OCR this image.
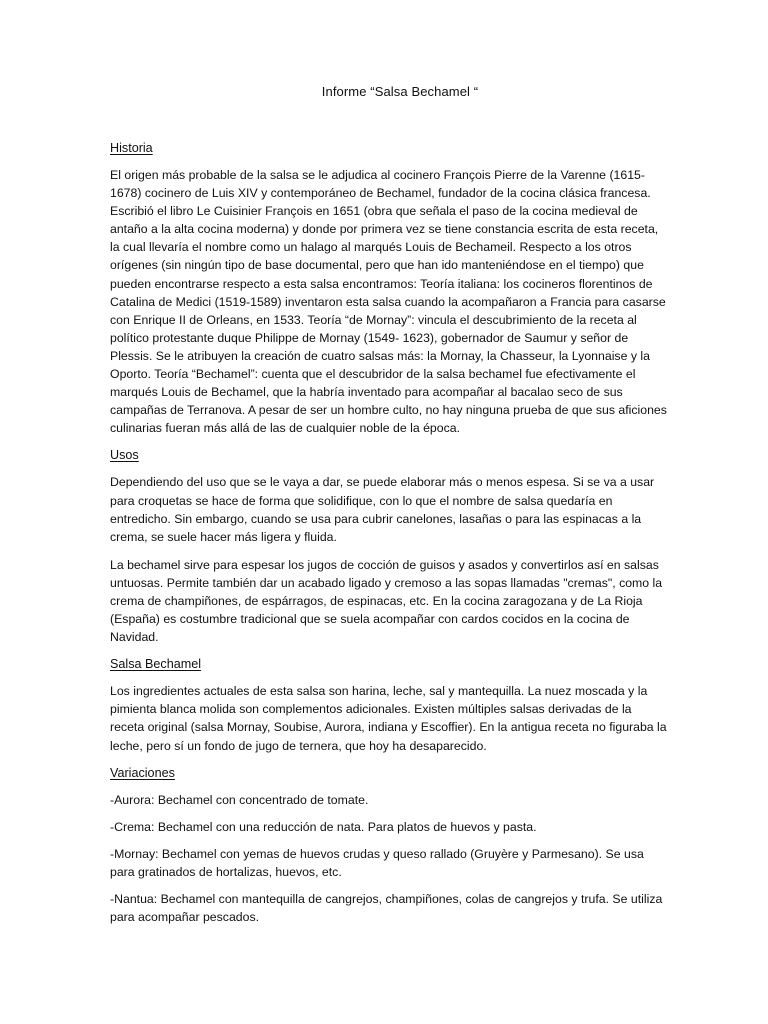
Informe “Salsa Bechamel “
Historia

El origen más probable de la salsa se le adjudica al cocinero François Pierre de la Varenne (1615-1678) cocinero de Luis XIV y contemporáneo de Bechamel, fundador de la cocina clásica francesa. Escribió el libro Le Cuisinier François en 1651 (obra que señala el paso de la cocina medieval de antaño a la alta cocina moderna) y donde por primera vez se tiene constancia escrita de esta receta, la cual llevaría el nombre como un halago al marqués Louis de Bechameil. Respecto a los otros orígenes (sin ningún tipo de base documental, pero que han ido manteniéndose en el tiempo) que pueden encontrarse respecto a esta salsa encontramos: Teoría italiana: los cocineros florentinos de Catalina de Medici (1519-1589) inventaron esta salsa cuando la acompañaron a Francia para casarse con Enrique II de Orleans, en 1533. Teoría “de Mornay”: vincula el descubrimiento de la receta al político protestante duque Philippe de Mornay (1549- 1623), gobernador de Saumur y señor de Plessis. Se le atribuyen la creación de cuatro salsas más: la Mornay, la Chasseur, la Lyonnaise y la Oporto. Teoría “Bechamel”: cuenta que el descubridor de la salsa bechamel fue efectivamente el marqués Louis de Bechamel, que la habría inventado para acompañar al bacalao seco de sus campañas de Terranova. A pesar de ser un hombre culto, no hay ninguna prueba de que sus aficiones culinarias fueran más allá de las de cualquier noble de la época.

Usos

Dependiendo del uso que se le vaya a dar, se puede elaborar más o menos espesa. Si se va a usar para croquetas se hace de forma que solidifique, con lo que el nombre de salsa quedaría en entredicho. Sin embargo, cuando se usa para cubrir canelones, lasañas o para las espinacas a la crema, se suele hacer más ligera y fluida.

La bechamel sirve para espesar los jugos de cocción de guisos y asados y convertirlos así en salsas untuosas. Permite también dar un acabado ligado y cremoso a las sopas llamadas "cremas", como la crema de champiñones, de espárragos, de espinacas, etc. En la cocina zaragozana y de La Rioja (España) es costumbre tradicional que se suela acompañar con cardos cocidos en la cocina de Navidad.

Salsa Bechamel

Los ingredientes actuales de esta salsa son harina, leche, sal y mantequilla. La nuez moscada y la pimienta blanca molida son complementos adicionales. Existen múltiples salsas derivadas de la receta original (salsa Mornay, Soubise, Aurora, indiana y Escoffier). En la antigua receta no figuraba la leche, pero sí un fondo de jugo de ternera, que hoy ha desaparecido.

Variaciones

-Aurora: Bechamel con concentrado de tomate.

-Crema: Bechamel con una reducción de nata. Para platos de huevos y pasta.

-Mornay: Bechamel con yemas de huevos crudas y queso rallado (Gruyère y Parmesano). Se usa para gratinados de hortalizas, huevos, etc.

-Nantua: Bechamel con mantequilla de cangrejos, champiñones, colas de cangrejos y trufa. Se utiliza para acompañar pescados.
